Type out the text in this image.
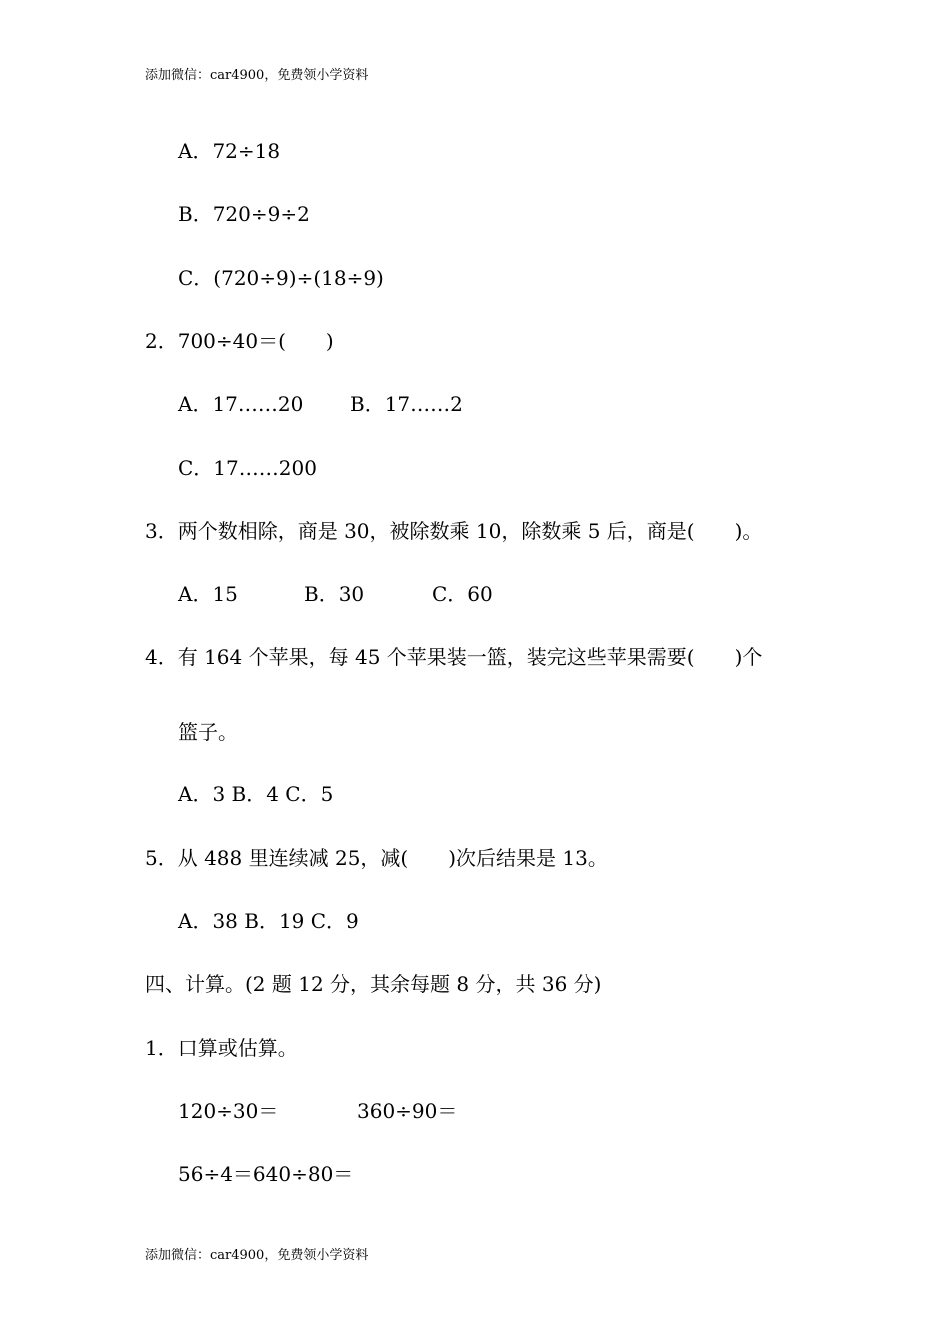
添加微信：car4900，免费领小学资料
A．72÷18
B．720÷9÷2
C．(720÷9)÷(18÷9)
2．700÷40＝(　　)
A．17……20 B．17……2
C．17……200
3．两个数相除，商是 30，被除数乘 10，除数乘 5 后，商是(　　)。
A．15	B．30	C．60
4．有 164 个苹果，每 45 个苹果装一篮，装完这些苹果需要(　　)个
篮子。
A．3 B．4 C．5
5．从 488 里连续减 25，减(　　)次后结果是 13。
A．38 B．19 C．9
四、计算。(2 题 12 分，其余每题 8 分，共 36 分)
1．口算或估算。
120÷30＝	360÷90＝
56÷4＝640÷80＝
添加微信：car4900，免费领小学资料
